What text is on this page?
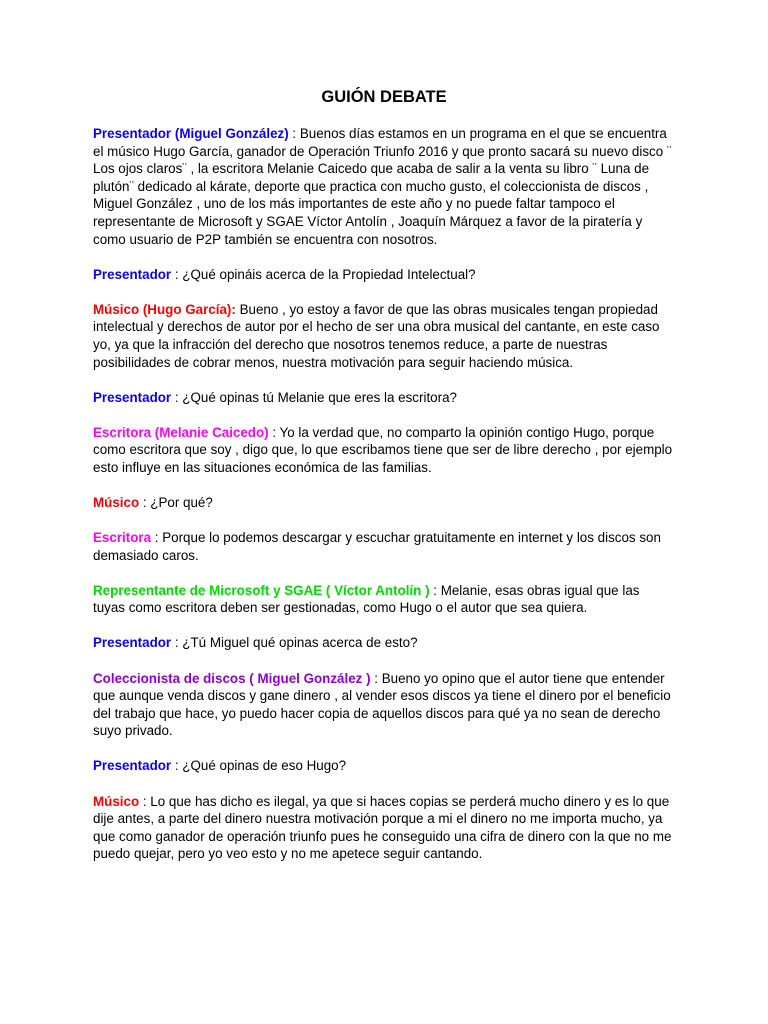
GUIÓN DEBATE

Presentador (Miguel González) : Buenos días estamos en un programa en el que se encuentra el músico Hugo García, ganador de Operación Triunfo 2016 y que pronto sacará su nuevo disco ¨ Los ojos claros¨ , la escritora Melanie Caicedo que acaba de salir a la venta su libro ¨ Luna de plutón¨ dedicado al kárate, deporte que practica con mucho gusto, el coleccionista de discos , Miguel González , uno de los más importantes de este año y no puede faltar tampoco el representante de Microsoft y SGAE Víctor Antolín , Joaquín Márquez a favor de la piratería y como usuario de P2P también se encuentra con nosotros.

Presentador : ¿Qué opináis acerca de la Propiedad Intelectual?

Músico (Hugo García): Bueno , yo estoy a favor de que las obras musicales tengan propiedad intelectual y derechos de autor por el hecho de ser una obra musical del cantante, en este caso yo, ya que la infracción del derecho que nosotros tenemos reduce, a parte de nuestras posibilidades de cobrar menos, nuestra motivación para seguir haciendo música.

Presentador : ¿Qué opinas tú Melanie que eres la escritora?

Escritora (Melanie Caicedo) : Yo la verdad que, no comparto la opinión contigo Hugo, porque como escritora que soy , digo que, lo que escribamos tiene que ser de libre derecho , por ejemplo esto influye en las situaciones económica de las familias.

Músico : ¿Por qué?

Escritora : Porque lo podemos descargar y escuchar gratuitamente en internet y los discos son demasiado caros.

Representante de Microsoft y SGAE ( Víctor Antolín ) : Melanie, esas obras igual que las tuyas como escritora deben ser gestionadas, como Hugo o el autor que sea quiera.

Presentador : ¿Tú Miguel qué opinas acerca de esto?

Coleccionista de discos ( Miguel González ) : Bueno yo opino que el autor tiene que entender que aunque venda discos y gane dinero , al vender esos discos ya tiene el dinero por el beneficio del trabajo que hace, yo puedo hacer copia de aquellos discos para qué ya no sean de derecho suyo privado.

Presentador : ¿Qué opinas de eso Hugo?

Músico : Lo que has dicho es ilegal, ya que si haces copias se perderá mucho dinero y es lo que dije antes, a parte del dinero nuestra motivación porque a mi el dinero no me importa mucho, ya que como ganador de operación triunfo pues he conseguido una cifra de dinero con la que no me puedo quejar, pero yo veo esto y no me apetece seguir cantando.
